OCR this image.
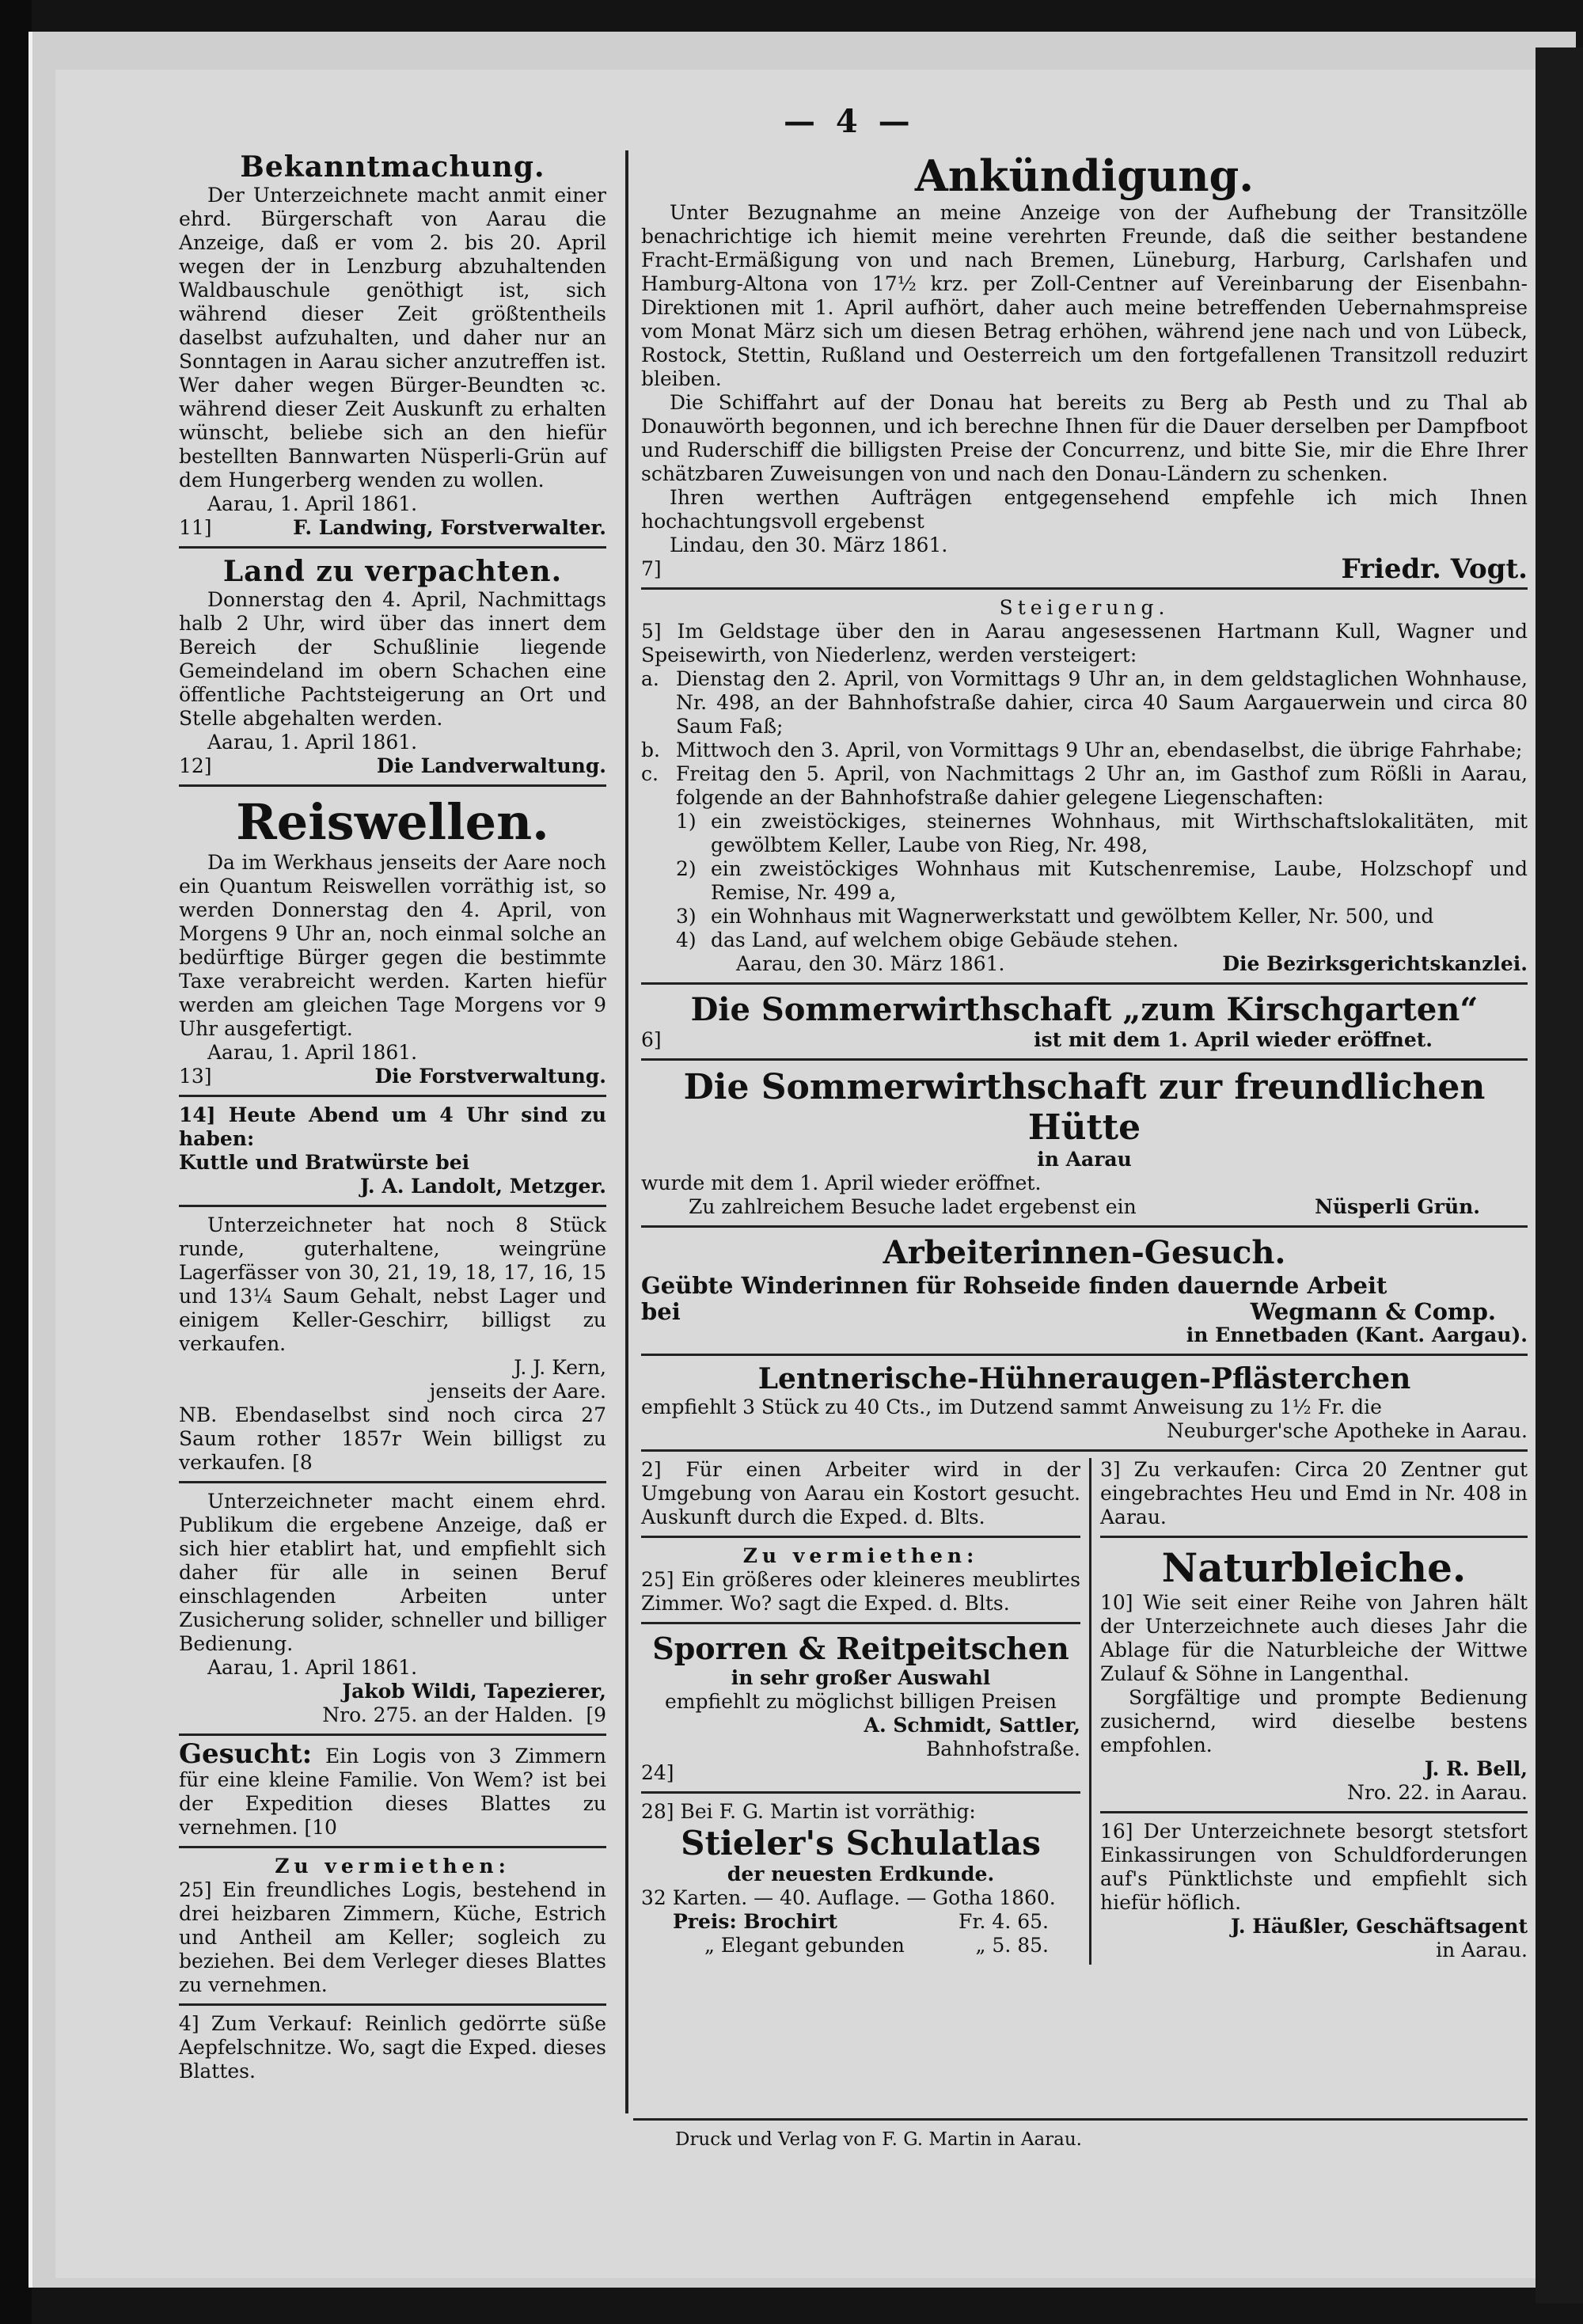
— 4 —
Bekanntmachung.
Der Unterzeichnete macht anmit einer ehrd. Bürgerschaft von Aarau die Anzeige, daß er vom 2. bis 20. April wegen der in Lenzburg abzuhaltenden Waldbauschule genöthigt ist, sich während dieser Zeit größtentheils daselbst aufzuhalten, und daher nur an Sonntagen in Aarau sicher anzutreffen ist. Wer daher wegen Bürger-Beundten ꝛc. während dieser Zeit Auskunft zu erhalten wünscht, beliebe sich an den hiefür bestellten Bannwarten Nüsperli-Grün auf dem Hungerberg wenden zu wollen.
Aarau, 1. April 1861.
11]	F. Landwing, Forstverwalter.
Land zu verpachten.
Donnerstag den 4. April, Nachmittags halb 2 Uhr, wird über das innert dem Bereich der Schußlinie liegende Gemeindeland im obern Schachen eine öffentliche Pachtsteigerung an Ort und Stelle abgehalten werden.
Aarau, 1. April 1861.
12]	Die Landverwaltung.
Reiswellen.
Da im Werkhaus jenseits der Aare noch ein Quantum Reiswellen vorräthig ist, so werden Donnerstag den 4. April, von Morgens 9 Uhr an, noch einmal solche an bedürftige Bürger gegen die bestimmte Taxe verabreicht werden. Karten hiefür werden am gleichen Tage Morgens vor 9 Uhr ausgefertigt.
Aarau, 1. April 1861.
13]	Die Forstverwaltung.
14] Heute Abend um 4 Uhr sind zu haben:
Kuttle und Bratwürste bei
J. A. Landolt, Metzger.
Unterzeichneter hat noch 8 Stück runde, guterhaltene, weingrüne Lagerfässer von 30, 21, 19, 18, 17, 16, 15 und 13¼ Saum Gehalt, nebst Lager und einigem Keller-Geschirr, billigst zu verkaufen.
J. J. Kern,
jenseits der Aare.
NB. Ebendaselbst sind noch circa 27 Saum rother 1857r Wein billigst zu verkaufen. [8
Unterzeichneter macht einem ehrd. Publikum die ergebene Anzeige, daß er sich hier etablirt hat, und empfiehlt sich daher für alle in seinen Beruf einschlagenden Arbeiten unter Zusicherung solider, schneller und billiger Bedienung.
Aarau, 1. April 1861.
Jakob Wildi, Tapezierer,
Nro. 275. an der Halden. [9
Gesucht: Ein Logis von 3 Zimmern für eine kleine Familie. Von Wem? ist bei der Expedition dieses Blattes zu vernehmen. [10
Zu vermiethen:
25] Ein freundliches Logis, bestehend in drei heizbaren Zimmern, Küche, Estrich und Antheil am Keller; sogleich zu beziehen. Bei dem Verleger dieses Blattes zu vernehmen.
4] Zum Verkauf: Reinlich gedörrte süße Aepfelschnitze. Wo, sagt die Exped. dieses Blattes.
Ankündigung.
Unter Bezugnahme an meine Anzeige von der Aufhebung der Transitzölle benachrichtige ich hiemit meine verehrten Freunde, daß die seither bestandene Fracht-Ermäßigung von und nach Bremen, Lüneburg, Harburg, Carlshafen und Hamburg-Altona von 17½ krz. per Zoll-Centner auf Vereinbarung der Eisenbahn-Direktionen mit 1. April aufhört, daher auch meine betreffenden Uebernahmspreise vom Monat März sich um diesen Betrag erhöhen, während jene nach und von Lübeck, Rostock, Stettin, Rußland und Oesterreich um den fortgefallenen Transitzoll reduzirt bleiben.
Die Schiffahrt auf der Donau hat bereits zu Berg ab Pesth und zu Thal ab Donauwörth begonnen, und ich berechne Ihnen für die Dauer derselben per Dampfboot und Ruderschiff die billigsten Preise der Concurrenz, und bitte Sie, mir die Ehre Ihrer schätzbaren Zuweisungen von und nach den Donau-Ländern zu schenken.
Ihren werthen Aufträgen entgegensehend empfehle ich mich Ihnen hochachtungsvoll ergebenst
Lindau, den 30. März 1861.
7]	Friedr. Vogt.
Steigerung.
5] Im Geldstage über den in Aarau angesessenen Hartmann Kull, Wagner und Speisewirth, von Niederlenz, werden versteigert:
a. Dienstag den 2. April, von Vormittags 9 Uhr an, in dem geldstaglichen Wohnhause, Nr. 498, an der Bahnhofstraße dahier, circa 40 Saum Aargauerwein und circa 80 Saum Faß;
b. Mittwoch den 3. April, von Vormittags 9 Uhr an, ebendaselbst, die übrige Fahrhabe;
c. Freitag den 5. April, von Nachmittags 2 Uhr an, im Gasthof zum Rößli in Aarau, folgende an der Bahnhofstraße dahier gelegene Liegenschaften:
1) ein zweistöckiges, steinernes Wohnhaus, mit Wirthschaftslokalitäten, mit gewölbtem Keller, Laube von Rieg, Nr. 498,
2) ein zweistöckiges Wohnhaus mit Kutschenremise, Laube, Holzschopf und Remise, Nr. 499 a,
3) ein Wohnhaus mit Wagnerwerkstatt und gewölbtem Keller, Nr. 500, und
4) das Land, auf welchem obige Gebäude stehen.
Aarau, den 30. März 1861.	Die Bezirksgerichtskanzlei.
Die Sommerwirthschaft „zum Kirschgarten“
6]	ist mit dem 1. April wieder eröffnet.
Die Sommerwirthschaft zur freundlichen Hütte
in Aarau
wurde mit dem 1. April wieder eröffnet.
Zu zahlreichem Besuche ladet ergebenst ein	Nüsperli Grün.
Arbeiterinnen-Gesuch.
Geübte Winderinnen für Rohseide finden dauernde Arbeit
bei	Wegmann & Comp.
in Ennetbaden (Kant. Aargau).
Lentnerische-Hühneraugen-Pflästerchen
empfiehlt 3 Stück zu 40 Cts., im Dutzend sammt Anweisung zu 1½ Fr. die
Neuburger'sche Apotheke in Aarau.
2] Für einen Arbeiter wird in der Umgebung von Aarau ein Kostort gesucht. Auskunft durch die Exped. d. Blts.
Zu vermiethen:
25] Ein größeres oder kleineres meublirtes Zimmer. Wo? sagt die Exped. d. Blts.
Sporren & Reitpeitschen
in sehr großer Auswahl
empfiehlt zu möglichst billigen Preisen
A. Schmidt, Sattler,
Bahnhofstraße.
24]
28] Bei F. G. Martin ist vorräthig:
Stieler's Schulatlas
der neuesten Erdkunde.
32 Karten. — 40. Auflage. — Gotha 1860.
Preis: Brochirt	Fr. 4. 65.
„ Elegant gebunden	„ 5. 85.
3] Zu verkaufen: Circa 20 Zentner gut eingebrachtes Heu und Emd in Nr. 408 in Aarau.
Naturbleiche.
10] Wie seit einer Reihe von Jahren hält der Unterzeichnete auch dieses Jahr die Ablage für die Naturbleiche der Wittwe Zulauf & Söhne in Langenthal.
Sorgfältige und prompte Bedienung zusichernd, wird dieselbe bestens empfohlen.
J. R. Bell,
Nro. 22. in Aarau.
16] Der Unterzeichnete besorgt stetsfort Einkassirungen von Schuldforderungen auf's Pünktlichste und empfiehlt sich hiefür höflich.
J. Häußler, Geschäftsagent
in Aarau.
Druck und Verlag von F. G. Martin in Aarau.
